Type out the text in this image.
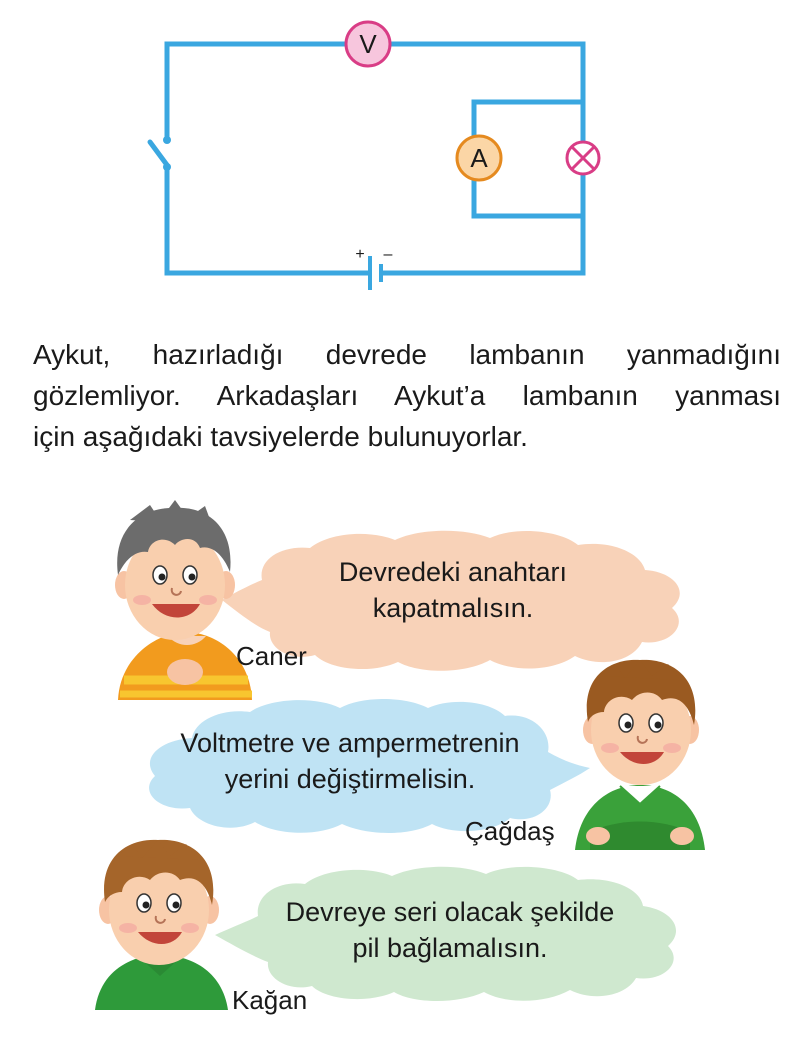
V
A
+ –

Aykut, hazırladığı devrede lambanın yanmadığını
gözlemliyor. Arkadaşları Aykut’a lambanın yanması
için aşağıdaki tavsiyelerde bulunuyorlar.

Devredeki anahtarı
kapatmalısın.

Caner

Voltmetre ve ampermetrenin
yerini değiştirmelisin.

Çağdaş

Devreye seri olacak şekilde
pil bağlamalısın.

Kağan
